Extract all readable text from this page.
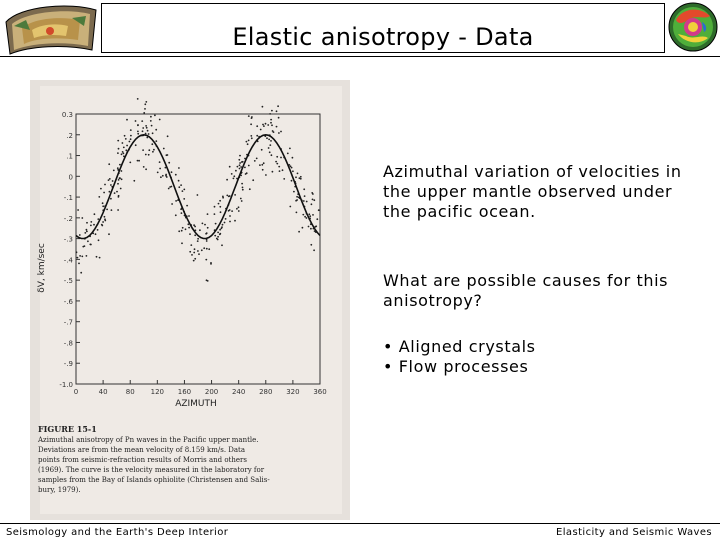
Elastic anisotropy - Data
0.3
.2
.1
0
-.1
-.2
-.3
-.4
-.5
-.6
-.7
-.8
-.9
-1.0
0	40	80 120 160 200 240 280 320 360
δV, km/sec
AZIMUTH
FIGURE 15-1
Azimuthal anisotropy of Pn waves in the Pacific upper mantle.
Deviations are from the mean velocity of 8.159 km/s. Data
points from seismic-refraction results of Morris and others
(1969). The curve is the velocity measured in the laboratory for
samples from the Bay of Islands ophiolite (Christensen and Salis-
bury, 1979).

Azimuthal variation of velocities in the upper mantle observed under the pacific ocean.

What are possible causes for this anisotropy?

• Aligned crystals
• Flow processes
Seismology and the Earth's Deep Interior	Elasticity and Seismic Waves
